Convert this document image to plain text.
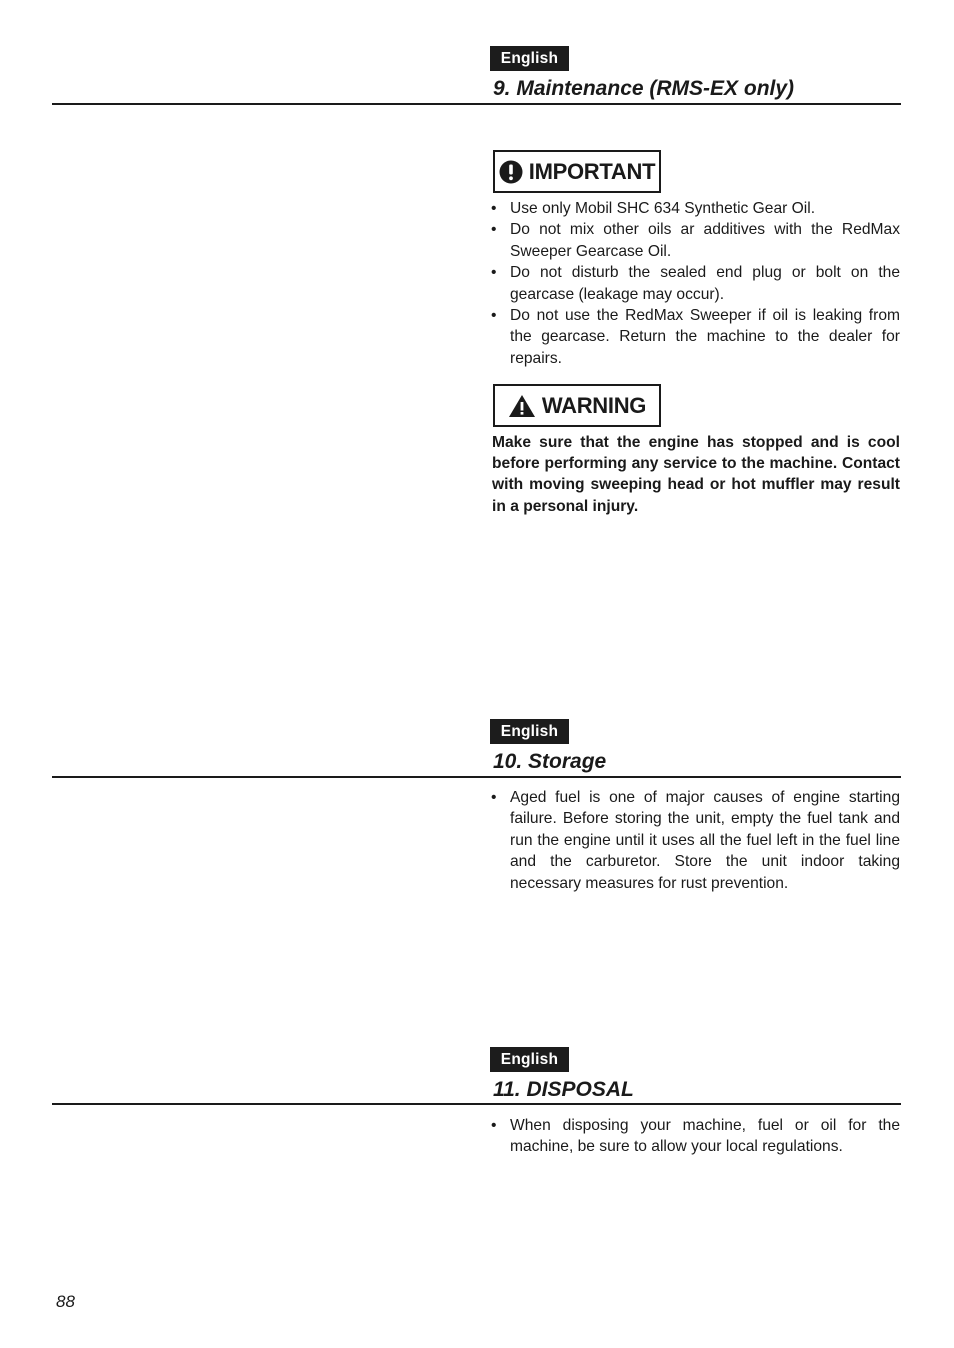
English
9. Maintenance (RMS-EX only)
IMPORTANT
• Use only Mobil SHC 634 Synthetic Gear Oil.
• Do not mix other oils ar additives with the RedMax Sweeper Gearcase Oil.
• Do not disturb the sealed end plug or bolt on the gearcase (leakage may occur).
• Do not use the RedMax Sweeper if oil is leaking from the gearcase. Return the machine to the dealer for repairs.
WARNING

Make sure that the engine has stopped and is cool before performing any service to the machine. Contact with moving sweeping head or hot muffler may result in a personal injury.

English
10. Storage
• Aged fuel is one of major causes of engine starting failure. Before storing the unit, empty the fuel tank and run the engine until it uses all the fuel left in the fuel line and the carburetor. Store the unit indoor taking necessary measures for rust prevention.
English
11. DISPOSAL
• When disposing your machine, fuel or oil for the machine, be sure to allow your local regulations.
88
